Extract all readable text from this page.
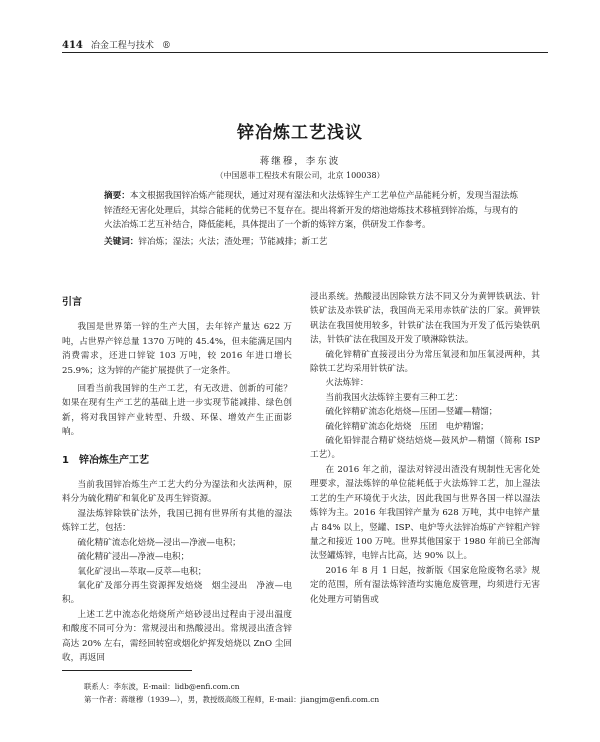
414 冶金工程与技术 ®
锌冶炼工艺浅议
蒋继穆，李东波
（中国恩菲工程技术有限公司，北京 100038）

摘要：本文根据我国锌冶炼产能现状，通过对现有湿法和火法炼锌生产工艺单位产品能耗分析，发现当湿法炼锌渣经无害化处理后，其综合能耗的优势已不复存在。提出将新开发的熔池熔炼技术移植到锌冶炼，与现有的火法冶炼工艺互补结合，降低能耗，具体提出了一个新的炼锌方案，供研发工作参考。

关键词：锌冶炼；湿法；火法；渣处理；节能减排；新工艺

引言

我国是世界第一锌的生产大国，去年锌产量达 622 万吨，占世界产锌总量 1370 万吨的 45.4%，但未能满足国内消费需求，还进口锌锭 103 万吨，较 2016 年进口增长 25.9%；这为锌的产能扩展提供了一定条件。

回看当前我国锌的生产工艺，有无改进、创新的可能？如果在现有生产工艺的基础上进一步实现节能减排、绿色创新，将对我国锌产业转型、升级、环保、增效产生正面影响。

1　锌冶炼生产工艺

当前我国锌冶炼生产工艺大约分为湿法和火法两种，原料分为硫化精矿和氧化矿及再生锌资源。

湿法炼锌除铁矿法外，我国已拥有世界所有其他的湿法炼锌工艺，包括：

硫化精矿流态化焙烧—浸出—净液—电积；

硫化精矿浸出—净液—电积；

氧化矿浸出—萃取—反萃—电积；

氧化矿及部分再生资源挥发焙烧　烟尘浸出　净液—电积。

上述工艺中流态化焙烧所产焙砂浸出过程由于浸出温度和酸度不同可分为：常规浸出和热酸浸出。常规浸出渣含锌高达 20% 左右，需经回转窑或烟化炉挥发焙烧以 ZnO 尘回收，再返回

浸出系统。热酸浸出因除铁方法不同又分为黄钾铁矾法、针铁矿法及赤铁矿法，我国尚无采用赤铁矿法的厂家。黄钾铁矾法在我国使用较多，针铁矿法在我国为开发了低污染铁矾法，针铁矿法在我国及开发了喷淋除铁法。

硫化锌精矿直接浸出分为常压氧浸和加压氧浸两种，其除铁工艺均采用针铁矿法。

火法炼锌：

当前我国火法炼锌主要有三种工艺：

硫化锌精矿流态化焙烧—压团—竖罐—精馏；

硫化锌精矿流态化焙烧　压团　电炉精馏；

硫化铅锌混合精矿烧结焙烧—鼓风炉—精馏（简称 ISP 工艺）。

在 2016 年之前，湿法对锌浸出渣没有规制性无害化处理要求，湿法炼锌的单位能耗低于火法炼锌工艺，加上湿法工艺的生产环境优于火法，因此我国与世界各国一样以湿法炼锌为主。2016 年我国锌产量为 628 万吨，其中电锌产量占 84% 以上，竖罐、ISP、电炉等火法锌冶炼矿产锌粗产锌量之和接近 100 万吨。世界其他国家于 1980 年前已全部淘汰竖罐炼锌，电锌占比高，达 90% 以上。

2016 年 8 月 1 日起，按新版《国家危险废物名录》规定的范围，所有湿法炼锌渣均实施危废管理，均须进行无害化处理方可销售或

联系人：李东波，E-mail：lidb@enfi.com.cn

第一作者：蒋继穆（1939—），男，教授级高级工程师，E-mail：jiangjm@enfi.com.cn
